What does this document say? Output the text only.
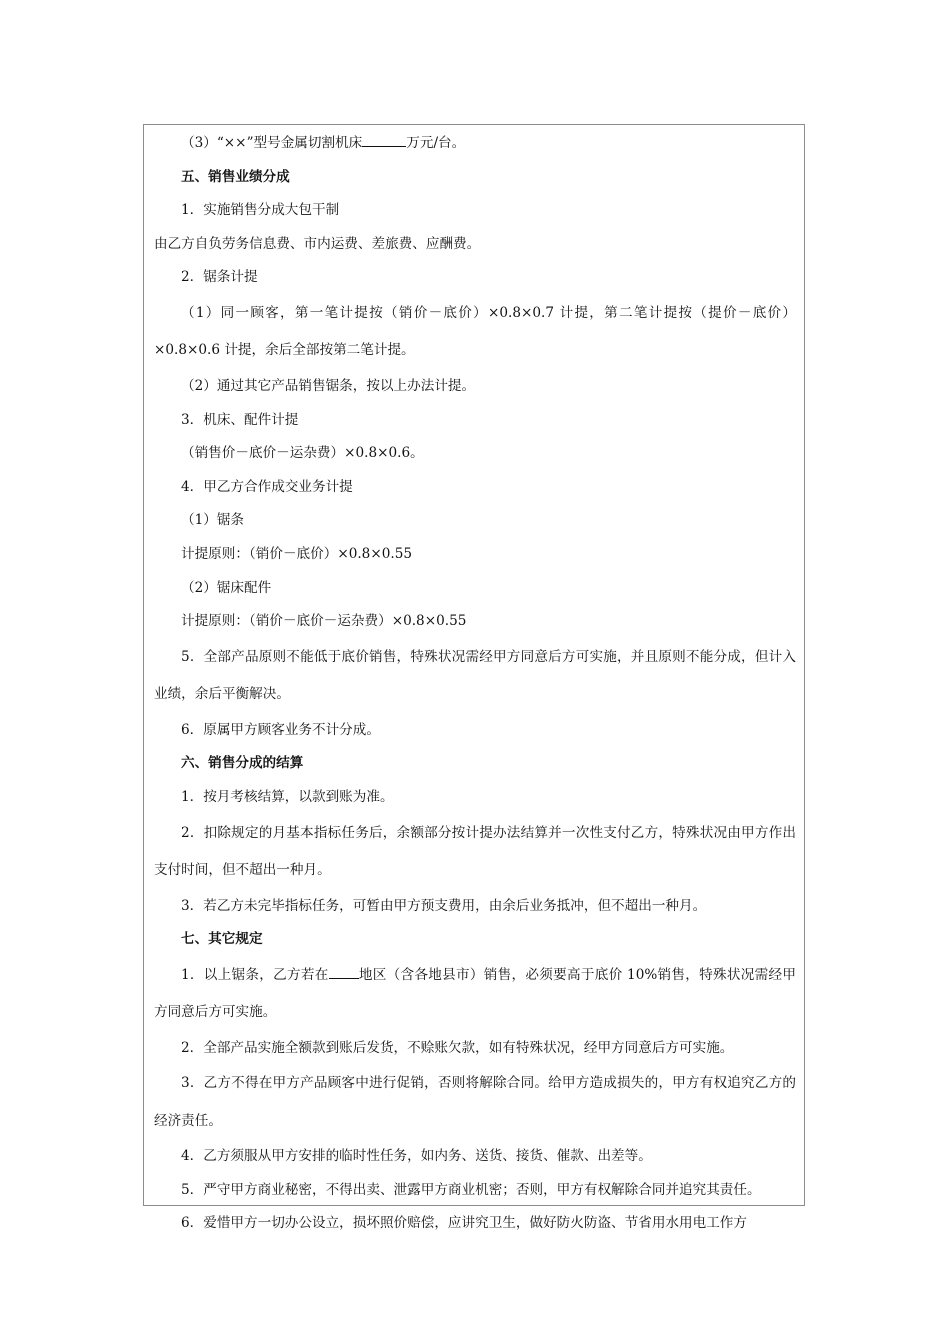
（3）“××”型号金属切割机床	万元/台。
五、销售业绩分成
1．实施销售分成大包干制
由乙方自负劳务信息费、市内运费、差旅费、应酬费。
2．锯条计提
（1）同一顾客，第一笔计提按（销价－底价）×0.8×0.7 计提，第二笔计提按（提价－底价）×0.8×0.6 计提，余后全部按第二笔计提。
（2）通过其它产品销售锯条，按以上办法计提。
3．机床、配件计提
（销售价－底价－运杂费）×0.8×0.6。
4．甲乙方合作成交业务计提
（1）锯条
计提原则：（销价－底价）×0.8×0.55
（2）锯床配件
计提原则：（销价－底价－运杂费）×0.8×0.55
5．全部产品原则不能低于底价销售，特殊状况需经甲方同意后方可实施，并且原则不能分成，但计入业绩，余后平衡解决。
6．原属甲方顾客业务不计分成。
六、销售分成的结算
1．按月考核结算，以款到账为准。
2．扣除规定的月基本指标任务后，余额部分按计提办法结算并一次性支付乙方，特殊状况由甲方作出支付时间，但不超出一种月。
3．若乙方未完毕指标任务，可暂由甲方预支费用，由余后业务抵冲，但不超出一种月。
七、其它规定
1．以上锯条，乙方若在 地区（含各地县市）销售，必须要高于底价 10%销售，特殊状况需经甲方同意后方可实施。
2．全部产品实施全额款到账后发货，不赊账欠款，如有特殊状况，经甲方同意后方可实施。
3．乙方不得在甲方产品顾客中进行促销，否则将解除合同。给甲方造成损失的，甲方有权追究乙方的经济责任。
4．乙方须服从甲方安排的临时性任务，如内务、送货、接货、催款、出差等。
5．严守甲方商业秘密，不得出卖、泄露甲方商业机密；否则，甲方有权解除合同并追究其责任。
6．爱惜甲方一切办公设立，损坏照价赔偿，应讲究卫生，做好防火防盗、节省用水用电工作方
